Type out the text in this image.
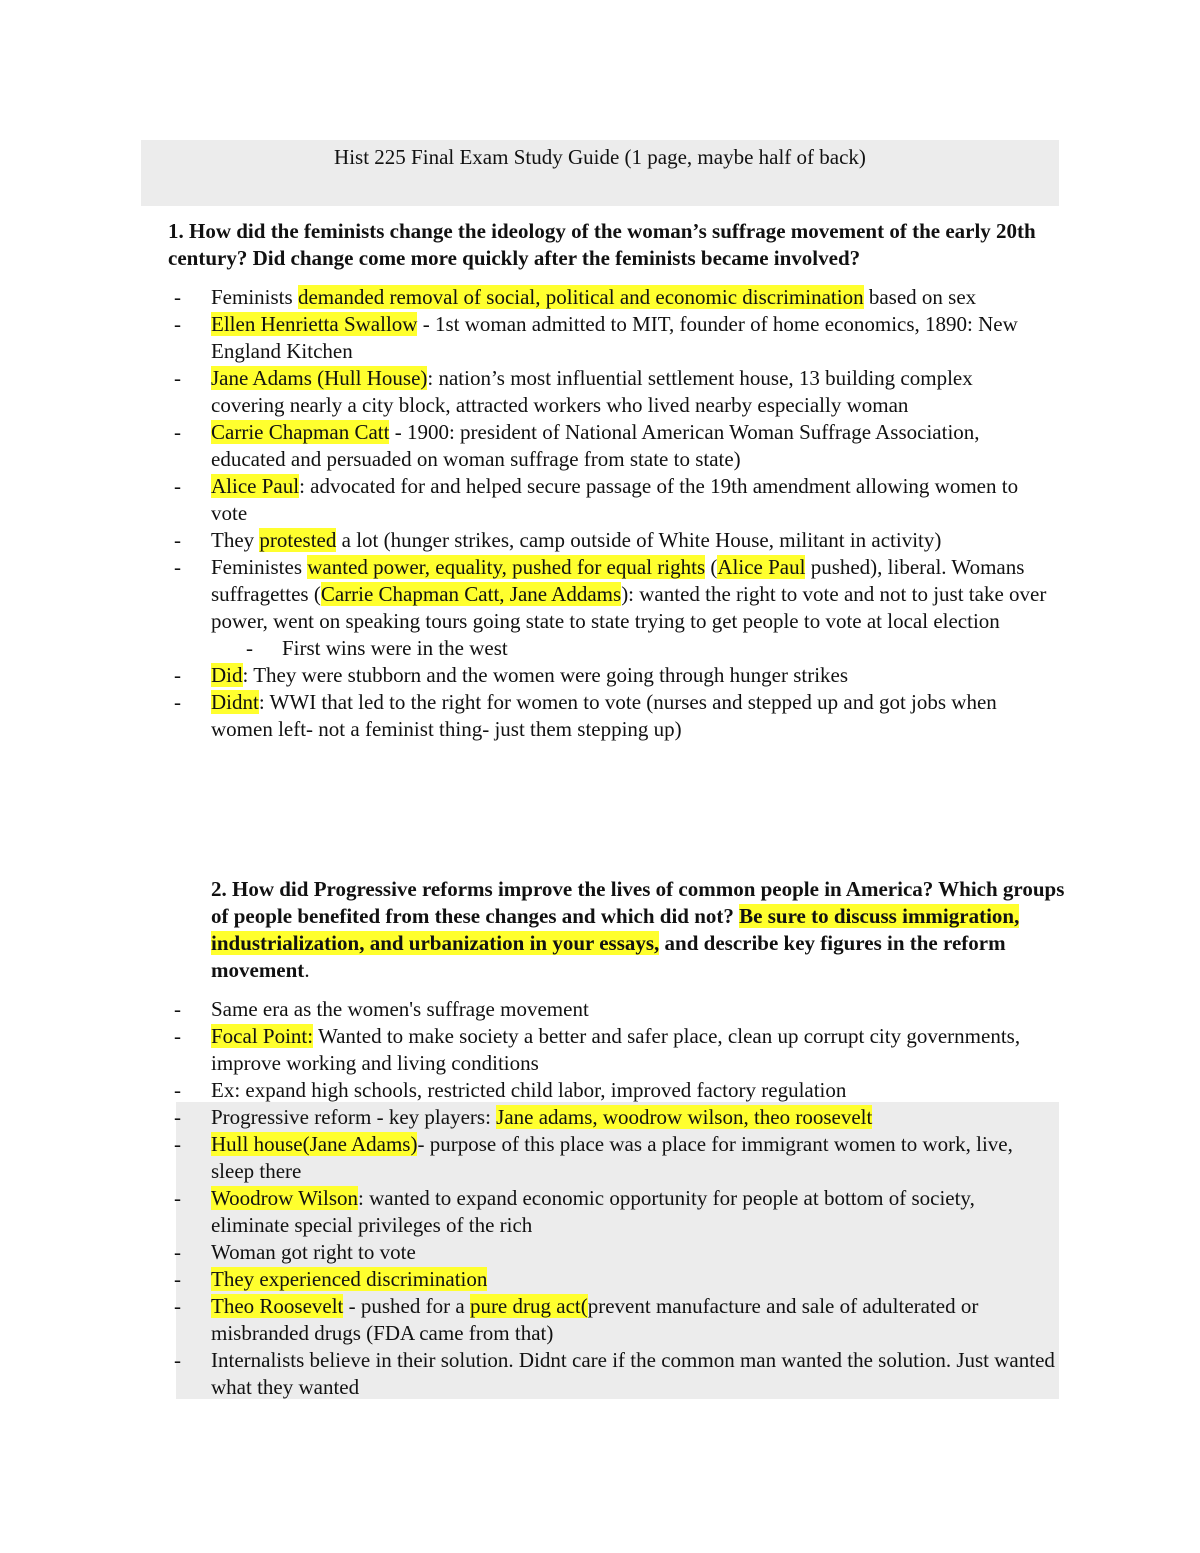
Hist 225 Final Exam Study Guide (1 page, maybe half of back)
1. How did the feminists change the ideology of the woman’s suffrage movement of the early 20th century? Did change come more quickly after the feminists became involved?
- Feminists demanded removal of social, political and economic discrimination based on sex
- Ellen Henrietta Swallow - 1st woman admitted to MIT, founder of home economics, 1890: New England Kitchen
- Jane Adams (Hull House): nation’s most influential settlement house, 13 building complex covering nearly a city block, attracted workers who lived nearby especially woman
- Carrie Chapman Catt - 1900: president of National American Woman Suffrage Association, educated and persuaded on woman suffrage from state to state)
- Alice Paul: advocated for and helped secure passage of the 19th amendment allowing women to vote
- They protested a lot (hunger strikes, camp outside of White House, militant in activity)
- Feministes wanted power, equality, pushed for equal rights (Alice Paul pushed), liberal. Womans suffragettes (Carrie Chapman Catt, Jane Addams): wanted the right to vote and not to just take over power, went on speaking tours going state to state trying to get people to vote at local election
- First wins were in the west
- Did: They were stubborn and the women were going through hunger strikes
- Didnt: WWI that led to the right for women to vote (nurses and stepped up and got jobs when women left- not a feminist thing- just them stepping up)
2. How did Progressive reforms improve the lives of common people in America? Which groups of people benefited from these changes and which did not? Be sure to discuss immigration, industrialization, and urbanization in your essays, and describe key figures in the reform movement.
- Same era as the women's suffrage movement
- Focal Point: Wanted to make society a better and safer place, clean up corrupt city governments, improve working and living conditions
- Ex: expand high schools, restricted child labor, improved factory regulation
- Progressive reform - key players: Jane adams, woodrow wilson, theo roosevelt
- Hull house(Jane Adams)- purpose of this place was a place for immigrant women to work, live, sleep there
- Woodrow Wilson: wanted to expand economic opportunity for people at bottom of society, eliminate special privileges of the rich
- Woman got right to vote
- They experienced discrimination
- Theo Roosevelt - pushed for a pure drug act(prevent manufacture and sale of adulterated or misbranded drugs (FDA came from that)
- Internalists believe in their solution. Didnt care if the common man wanted the solution. Just wanted what they wanted
